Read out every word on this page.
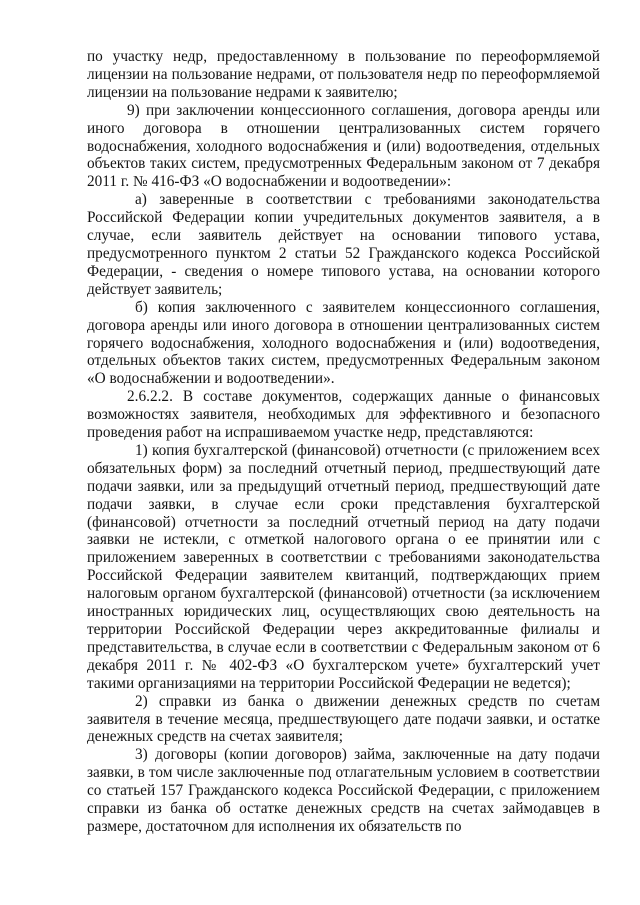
по участку недр, предоставленному в пользование по переоформляемой лицензии на пользование недрами, от пользователя недр по переоформляемой лицензии на пользование недрами к заявителю;

9) при заключении концессионного соглашения, договора аренды или иного договора в отношении централизованных систем горячего водоснабжения, холодного водоснабжения и (или) водоотведения, отдельных объектов таких систем, предусмотренных Федеральным законом от 7 декабря 2011 г. № 416-ФЗ «О водоснабжении и водоотведении»:

а) заверенные в соответствии с требованиями законодательства Российской Федерации копии учредительных документов заявителя, а в случае, если заявитель действует на основании типового устава, предусмотренного пунктом 2 статьи 52 Гражданского кодекса Российской Федерации, - сведения о номере типового устава, на основании которого действует заявитель;

б) копия заключенного с заявителем концессионного соглашения, договора аренды или иного договора в отношении централизованных систем горячего водоснабжения, холодного водоснабжения и (или) водоотведения, отдельных объектов таких систем, предусмотренных Федеральным законом «О водоснабжении и водоотведении».

2.6.2.2. В составе документов, содержащих данные о финансовых возможностях заявителя, необходимых для эффективного и безопасного проведения работ на испрашиваемом участке недр, представляются:

1) копия бухгалтерской (финансовой) отчетности (с приложением всех обязательных форм) за последний отчетный период, предшествующий дате подачи заявки, или за предыдущий отчетный период, предшествующий дате подачи заявки, в случае если сроки представления бухгалтерской (финансовой) отчетности за последний отчетный период на дату подачи заявки не истекли, с отметкой налогового органа о ее принятии или с приложением заверенных в соответствии с требованиями законодательства Российской Федерации заявителем квитанций, подтверждающих прием налоговым органом бухгалтерской (финансовой) отчетности (за исключением иностранных юридических лиц, осуществляющих свою деятельность на территории Российской Федерации через аккредитованные филиалы и представительства, в случае если в соответствии с Федеральным законом от 6 декабря 2011 г. № 402-ФЗ «О бухгалтерском учете» бухгалтерский учет такими организациями на территории Российской Федерации не ведется);

2) справки из банка о движении денежных средств по счетам заявителя в течение месяца, предшествующего дате подачи заявки, и остатке денежных средств на счетах заявителя;

3) договоры (копии договоров) займа, заключенные на дату подачи заявки, в том числе заключенные под отлагательным условием в соответствии со статьей 157 Гражданского кодекса Российской Федерации, с приложением справки из банка об остатке денежных средств на счетах займодавцев в размере, достаточном для исполнения их обязательств по
